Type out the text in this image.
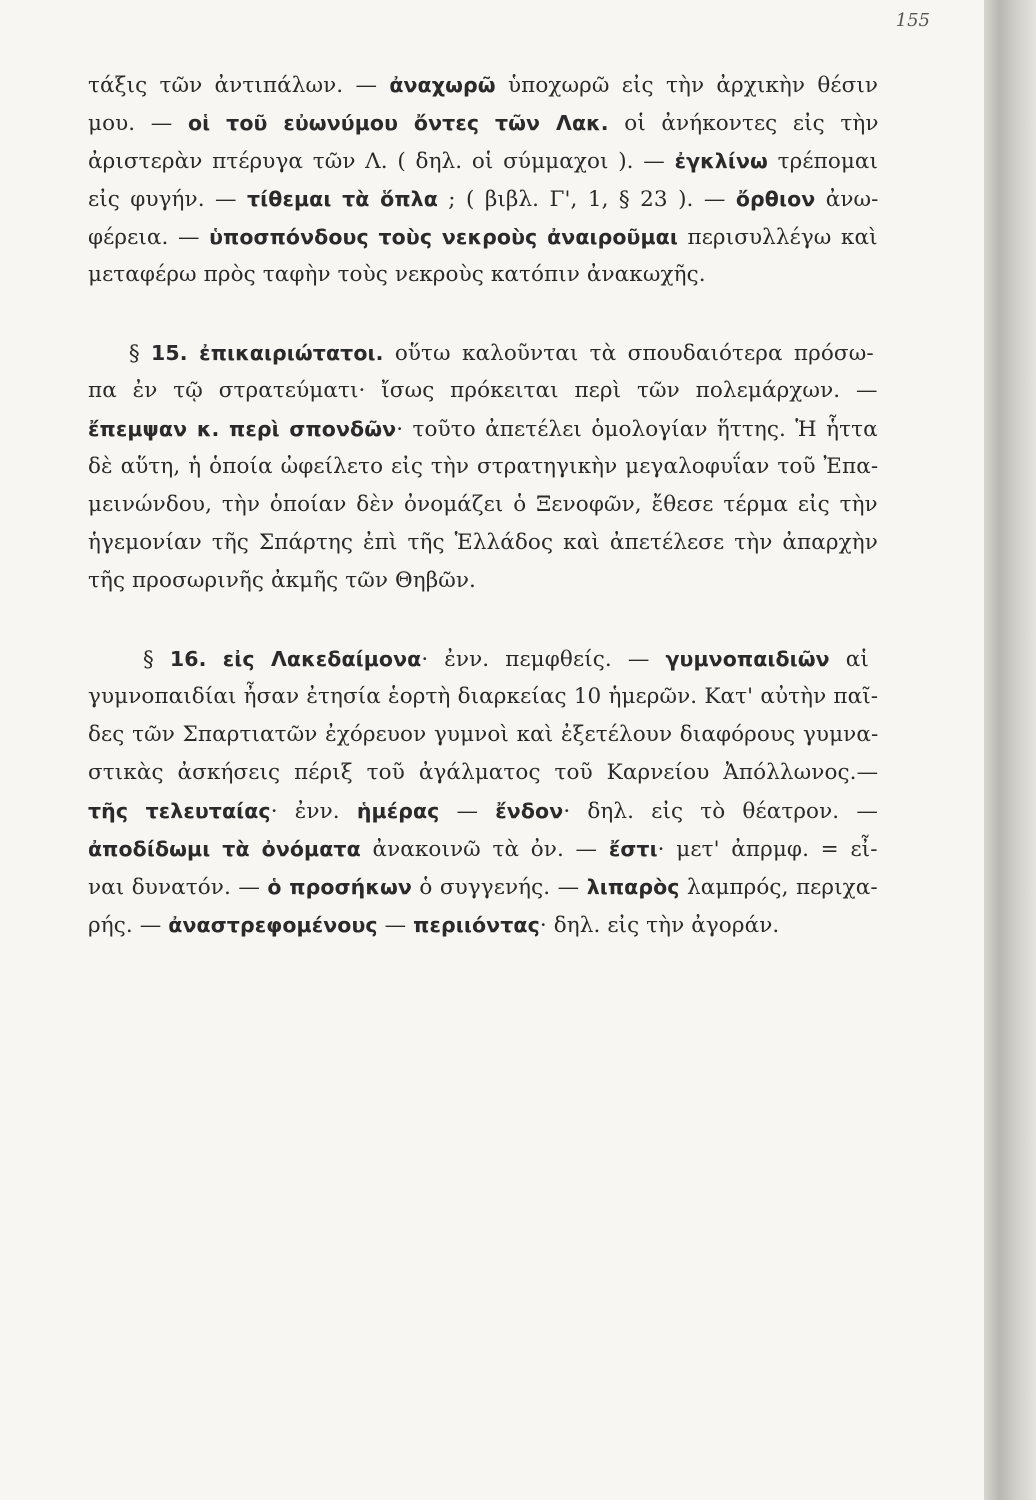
155
τάξις τῶν ἀντιπάλων. — ἀναχωρῶ ὑποχωρῶ εἰς τὴν ἀρχικὴν θέσιν
μου. — οἱ τοῦ εὐωνύμου ὄντες τῶν Λακ. οἱ ἀνήκοντες εἰς τὴν
ἀριστερὰν πτέρυγα τῶν Λ. ( δηλ. οἱ σύμμαχοι ). — ἐγκλίνω τρέπομαι
εἰς φυγήν. — τίθεμαι τὰ ὅπλα ; ( βιβλ. Γ', 1, § 23 ). — ὄρθιον ἀνω-
φέρεια. — ὑποσπόνδους τοὺς νεκροὺς ἀναιροῦμαι περισυλλέγω καὶ
μεταφέρω πρὸς ταφὴν τοὺς νεκροὺς κατόπιν ἀνακωχῆς.
§ 15. ἐπικαιριώτατοι. οὕτω καλοῦνται τὰ σπουδαιότερα πρόσω-
πα ἐν τῷ στρατεύματι· ἴσως πρόκειται περὶ τῶν πολεμάρχων. —
ἔπεμψαν κ. περὶ σπονδῶν· τοῦτο ἀπετέλει ὁμολογίαν ἥττης. Ἡ ἧττα
δὲ αὕτη, ἡ ὁποία ὠφείλετο εἰς τὴν στρατηγικὴν μεγαλοφυΐαν τοῦ Ἐπα-
μεινώνδου, τὴν ὁποίαν δὲν ὀνομάζει ὁ Ξενοφῶν, ἔθεσε τέρμα εἰς τὴν
ἡγεμονίαν τῆς Σπάρτης ἐπὶ τῆς Ἑλλάδος καὶ ἀπετέλεσε τὴν ἀπαρχὴν
τῆς προσωρινῆς ἀκμῆς τῶν Θηβῶν.
§ 16. εἰς Λακεδαίμονα· ἐνν. πεμφθείς. — γυμνοπαιδιῶν αἱ
γυμνοπαιδίαι ἦσαν ἐτησία ἑορτὴ διαρκείας 10 ἡμερῶν. Κατ' αὐτὴν παῖ-
δες τῶν Σπαρτιατῶν ἐχόρευον γυμνοὶ καὶ ἐξετέλουν διαφόρους γυμνα-
στικὰς ἀσκήσεις πέριξ τοῦ ἀγάλματος τοῦ Καρνείου Ἀπόλλωνος.—
τῆς τελευταίας· ἐνν. ἡμέρας — ἔνδον· δηλ. εἰς τὸ θέατρον. —
ἀποδίδωμι τὰ ὀνόματα ἀνακοινῶ τὰ ὀν. — ἔστι· μετ' ἀπρμφ. = εἶ-
ναι δυνατόν. — ὁ προσήκων ὁ συγγενής. — λιπαρὸς λαμπρός, περιχα-
ρής. — ἀναστρεφομένους — περιιόντας· δηλ. εἰς τὴν ἀγοράν.
